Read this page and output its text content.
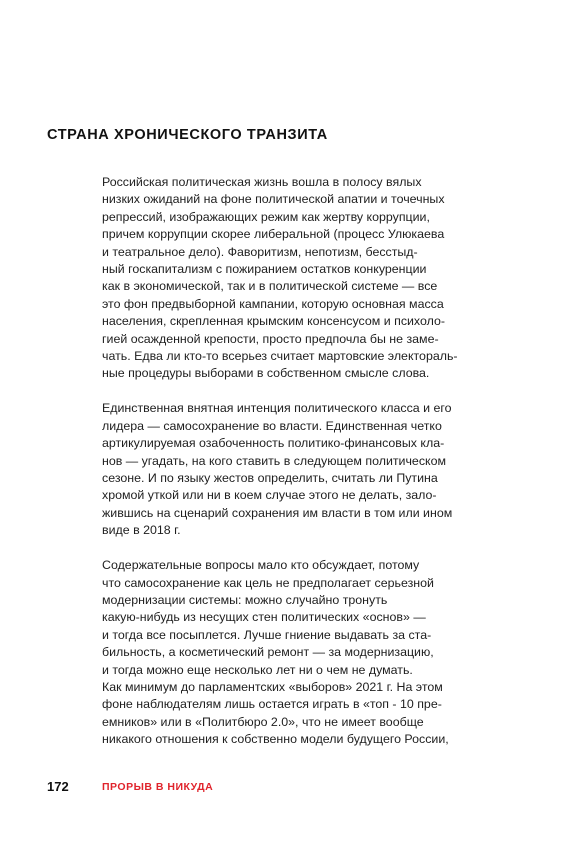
СТРАНА ХРОНИЧЕСКОГО ТРАНЗИТА
Российская политическая жизнь вошла в полосу вялых
низких ожиданий на фоне политической апатии и точечных
репрессий, изображающих режим как жертву коррупции,
причем коррупции скорее либеральной (процесс Улюкаева
и театральное дело). Фаворитизм, непотизм, бесстыд-
ный госкапитализм с пожиранием остатков конкуренции
как в экономической, так и в политической системе — все
это фон предвыборной кампании, которую основная масса
населения, скрепленная крымским консенсусом и психоло-
гией осажденной крепости, просто предпочла бы не заме-
чать. Едва ли кто-то всерьез считает мартовские электораль-
ные процедуры выборами в собственном смысле слова.
Единственная внятная интенция политического класса и его
лидера — самосохранение во власти. Единственная четко
артикулируемая озабоченность политико-финансовых кла-
нов — угадать, на кого ставить в следующем политическом
сезоне. И по языку жестов определить, считать ли Путина
хромой уткой или ни в коем случае этого не делать, зало-
жившись на сценарий сохранения им власти в том или ином
виде в 2018 г.
Содержательные вопросы мало кто обсуждает, потому
что самосохранение как цель не предполагает серьезной
модернизации системы: можно случайно тронуть
какую-нибудь из несущих стен политических «основ» —
и тогда все посыплется. Лучше гниение выдавать за ста-
бильность, а косметический ремонт — за модернизацию,
и тогда можно еще несколько лет ни о чем не думать.
Как минимум до парламентских «выборов» 2021 г. На этом
фоне наблюдателям лишь остается играть в «топ - 10 пре-
емников» или в «Политбюро 2.0», что не имеет вообще
никакого отношения к собственно модели будущего России,
172	ПРОРЫВ В НИКУДА
